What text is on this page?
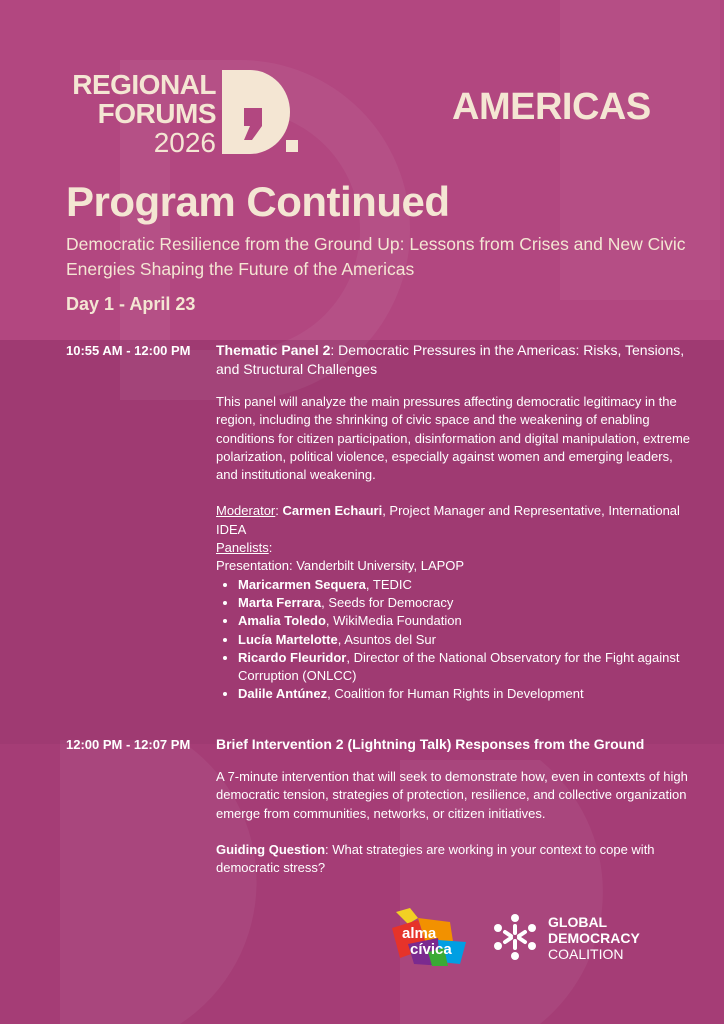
REGIONAL
FORUMS
2026
AMERICAS
Program Continued
Democratic Resilience from the Ground Up: Lessons from Crises and New Civic Energies Shaping the Future of the Americas
Day 1 - April 23
10:55 AM - 12:00 PM Thematic Panel 2: Democratic Pressures in the Americas: Risks, Tensions, and Structural Challenges

This panel will analyze the main pressures affecting democratic legitimacy in the region, including the shrinking of civic space and the weakening of enabling conditions for citizen participation, disinformation and digital manipulation, extreme polarization, political violence, especially against women and emerging leaders, and institutional weakening.

Moderator: Carmen Echauri, Project Manager and Representative, International IDEA

Panelists:

Presentation: Vanderbilt University, LAPOP

• Maricarmen Sequera, TEDIC
• Marta Ferrara, Seeds for Democracy
• Amalia Toledo, WikiMedia Foundation
• Lucía Martelotte, Asuntos del Sur
• Ricardo Fleuridor, Director of the National Observatory for the Fight against Corruption (ONLCC)
• Dalile Antúnez, Coalition for Human Rights in Development
12:00 PM - 12:07 PM Brief Intervention 2 (Lightning Talk) Responses from the Ground

A 7-minute intervention that will seek to demonstrate how, even in contexts of high democratic tension, strategies of protection, resilience, and collective organization emerge from communities, networks, or citizen initiatives.

Guiding Question: What strategies are working in your context to cope with democratic stress?

alma
cívica
GLOBAL
DEMOCRACY
COALITION
